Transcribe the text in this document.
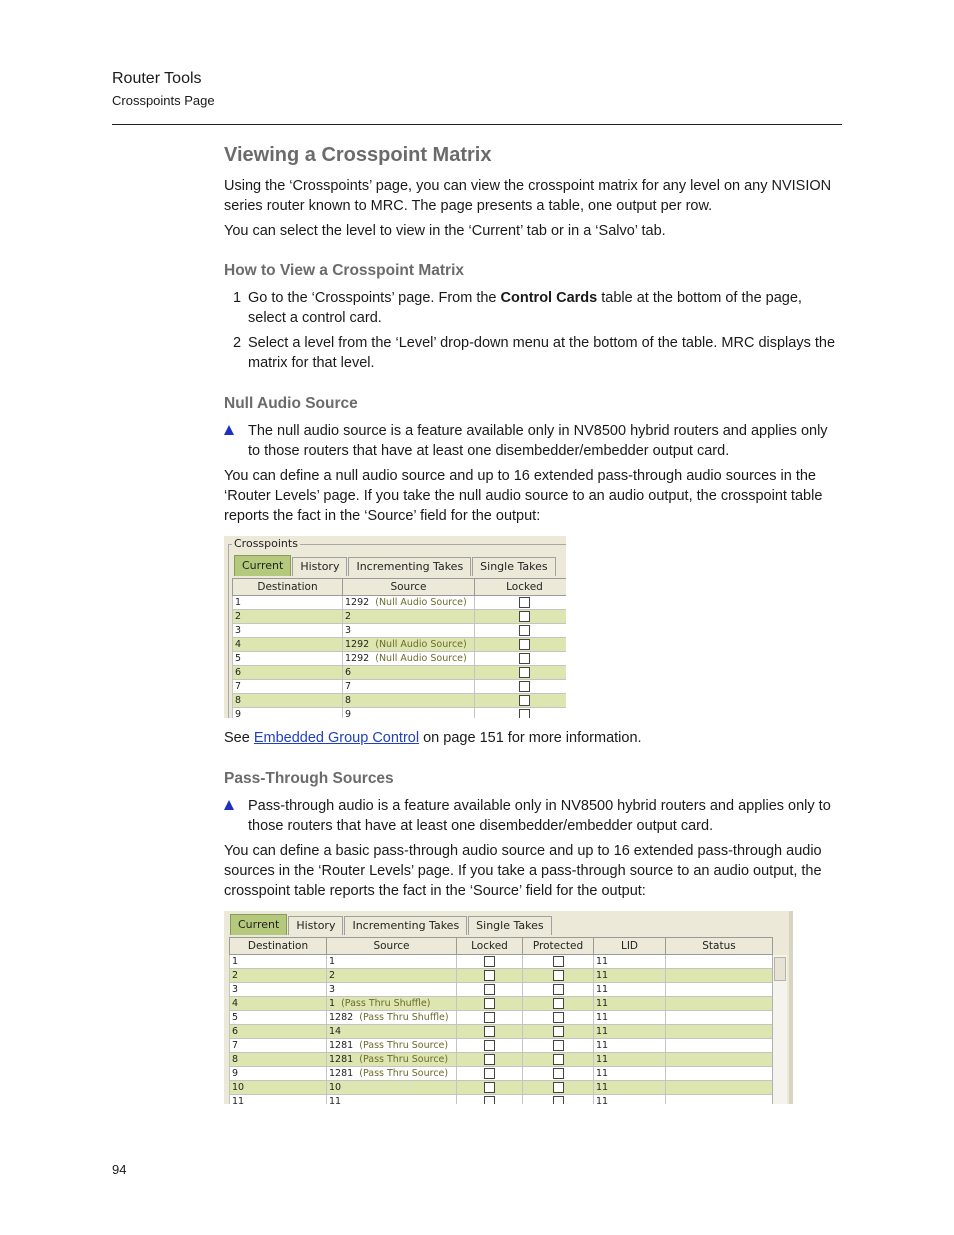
Router Tools
Crosspoints Page
Viewing a Crosspoint Matrix

Using the ‘Crosspoints’ page, you can view the crosspoint matrix for any level on any NVISION series router known to MRC. The page presents a table, one output per row.

You can select the level to view in the ‘Current’ tab or in a ‘Salvo’ tab.

How to View a Crosspoint Matrix
1 Go to the ‘Crosspoints’ page. From the Control Cards table at the bottom of the page, select a control card.
2 Select a level from the ‘Level’ drop-down menu at the bottom of the table. MRC displays the matrix for that level.
Null Audio Source
The null audio source is a feature available only in NV8500 hybrid routers and applies only to those routers that have at least one disembedder/embedder output card.

You can define a null audio source and up to 16 extended pass-through audio sources in the ‘Router Levels’ page. If you take the null audio source to an audio output, the crosspoint table reports the fact in the ‘Source’ field for the output:

Crosspoints
Current	History	Incrementing Takes	Single Takes
Destination	Source	Locked
1	1292 (Null Audio Source)	
2	2	
3	3	
4	1292 (Null Audio Source)	
5	1292 (Null Audio Source)	
6	6	
7	7	
8	8	
9	9	

See Embedded Group Control on page 151 for more information.

Pass-Through Sources
Pass-through audio is a feature available only in NV8500 hybrid routers and applies only to those routers that have at least one disembedder/embedder output card.

You can define a basic pass-through audio source and up to 16 extended pass-through audio sources in the ‘Router Levels’ page. If you take a pass-through source to an audio output, the crosspoint table reports the fact in the ‘Source’ field for the output:

Current	History	Incrementing Takes	Single Takes
Destination	Source	Locked	Protected	LID	Status
1	1			11	
2	2			11	
3	3			11	
4	1 (Pass Thru Shuffle)			11	
5	1282 (Pass Thru Shuffle)			11	
6	14			11	
7	1281 (Pass Thru Source)			11	
8	1281 (Pass Thru Source)			11	
9	1281 (Pass Thru Source)			11	
10	10			11	
11	11			11	
94
